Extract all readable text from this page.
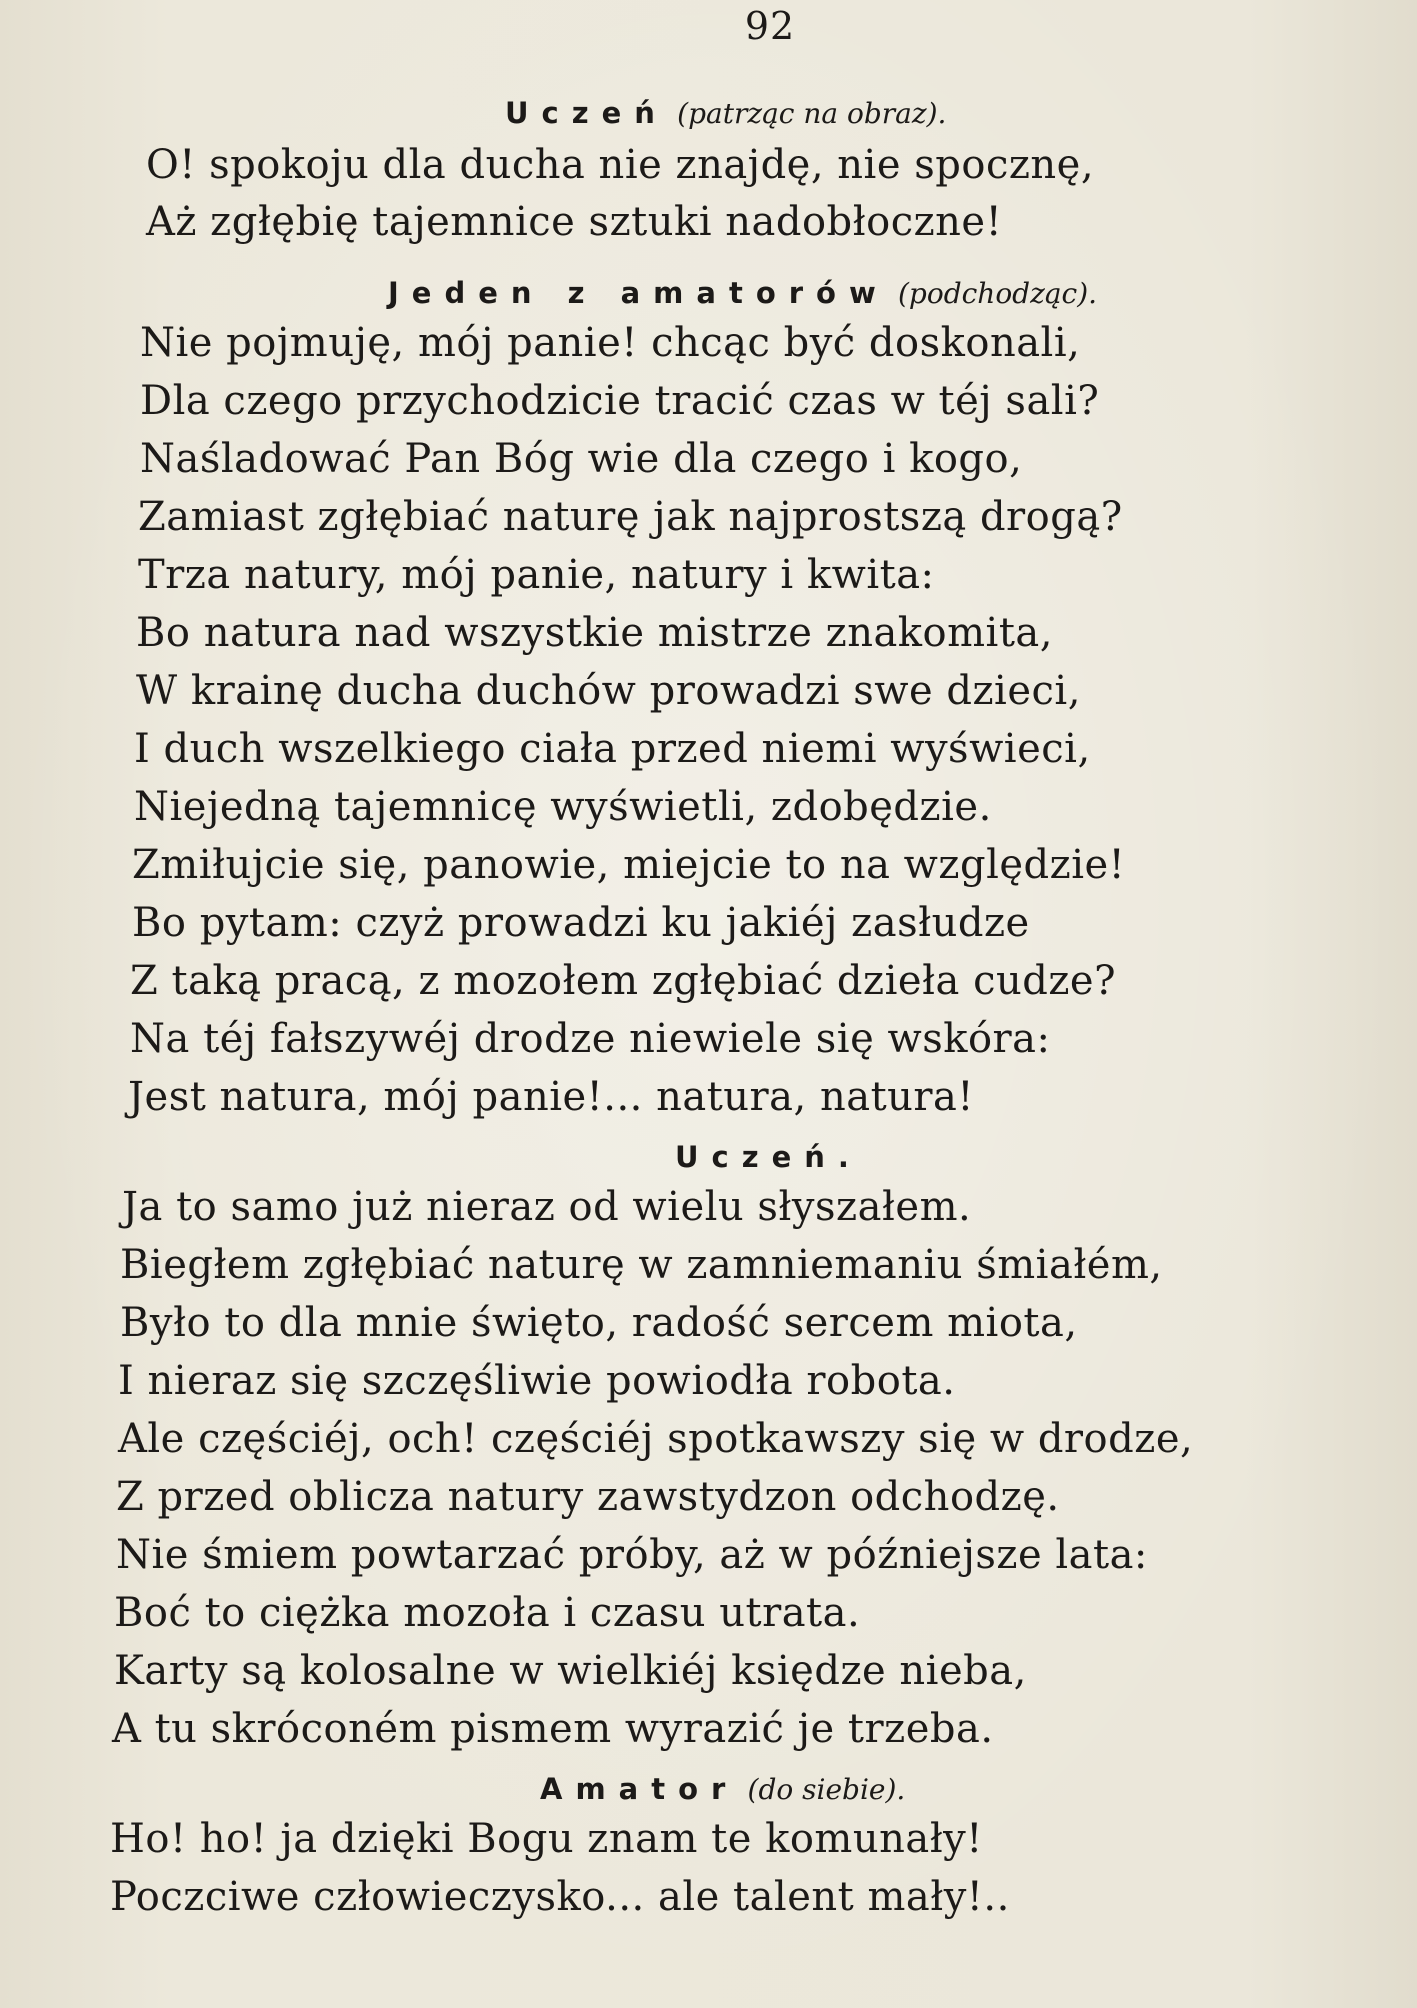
92
Uczeń (patrząc na obraz).
O! spokoju dla ducha nie znajdę, nie spocznę,
Aż zgłębię tajemnice sztuki nadobłoczne!
Jeden z amatorów (podchodząc).
Nie pojmuję, mój panie! chcąc być doskonali,
Dla czego przychodzicie tracić czas w téj sali?
Naśladować Pan Bóg wie dla czego i kogo,
Zamiast zgłębiać naturę jak najprostszą drogą?
Trza natury, mój panie, natury i kwita:
Bo natura nad wszystkie mistrze znakomita,
W krainę ducha duchów prowadzi swe dzieci,
I duch wszelkiego ciała przed niemi wyświeci,
Niejedną tajemnicę wyświetli, zdobędzie.
Zmiłujcie się, panowie, miejcie to na względzie!
Bo pytam: czyż prowadzi ku jakiéj zasłudze
Z taką pracą, z mozołem zgłębiać dzieła cudze?
Na téj fałszywéj drodze niewiele się wskóra:
Jest natura, mój panie!... natura, natura!
Uczeń.
Ja to samo już nieraz od wielu słyszałem.
Biegłem zgłębiać naturę w zamniemaniu śmiałém,
Było to dla mnie święto, radość sercem miota,
I nieraz się szczęśliwie powiodła robota.
Ale częściéj, och! częściéj spotkawszy się w drodze,
Z przed oblicza natury zawstydzon odchodzę.
Nie śmiem powtarzać próby, aż w późniejsze lata:
Boć to ciężka mozoła i czasu utrata.
Karty są kolosalne w wielkiéj księdze nieba,
A tu skróconém pismem wyrazić je trzeba.
Amator (do siebie).
Ho! ho! ja dzięki Bogu znam te komunały!
Poczciwe człowieczysko... ale talent mały!..
